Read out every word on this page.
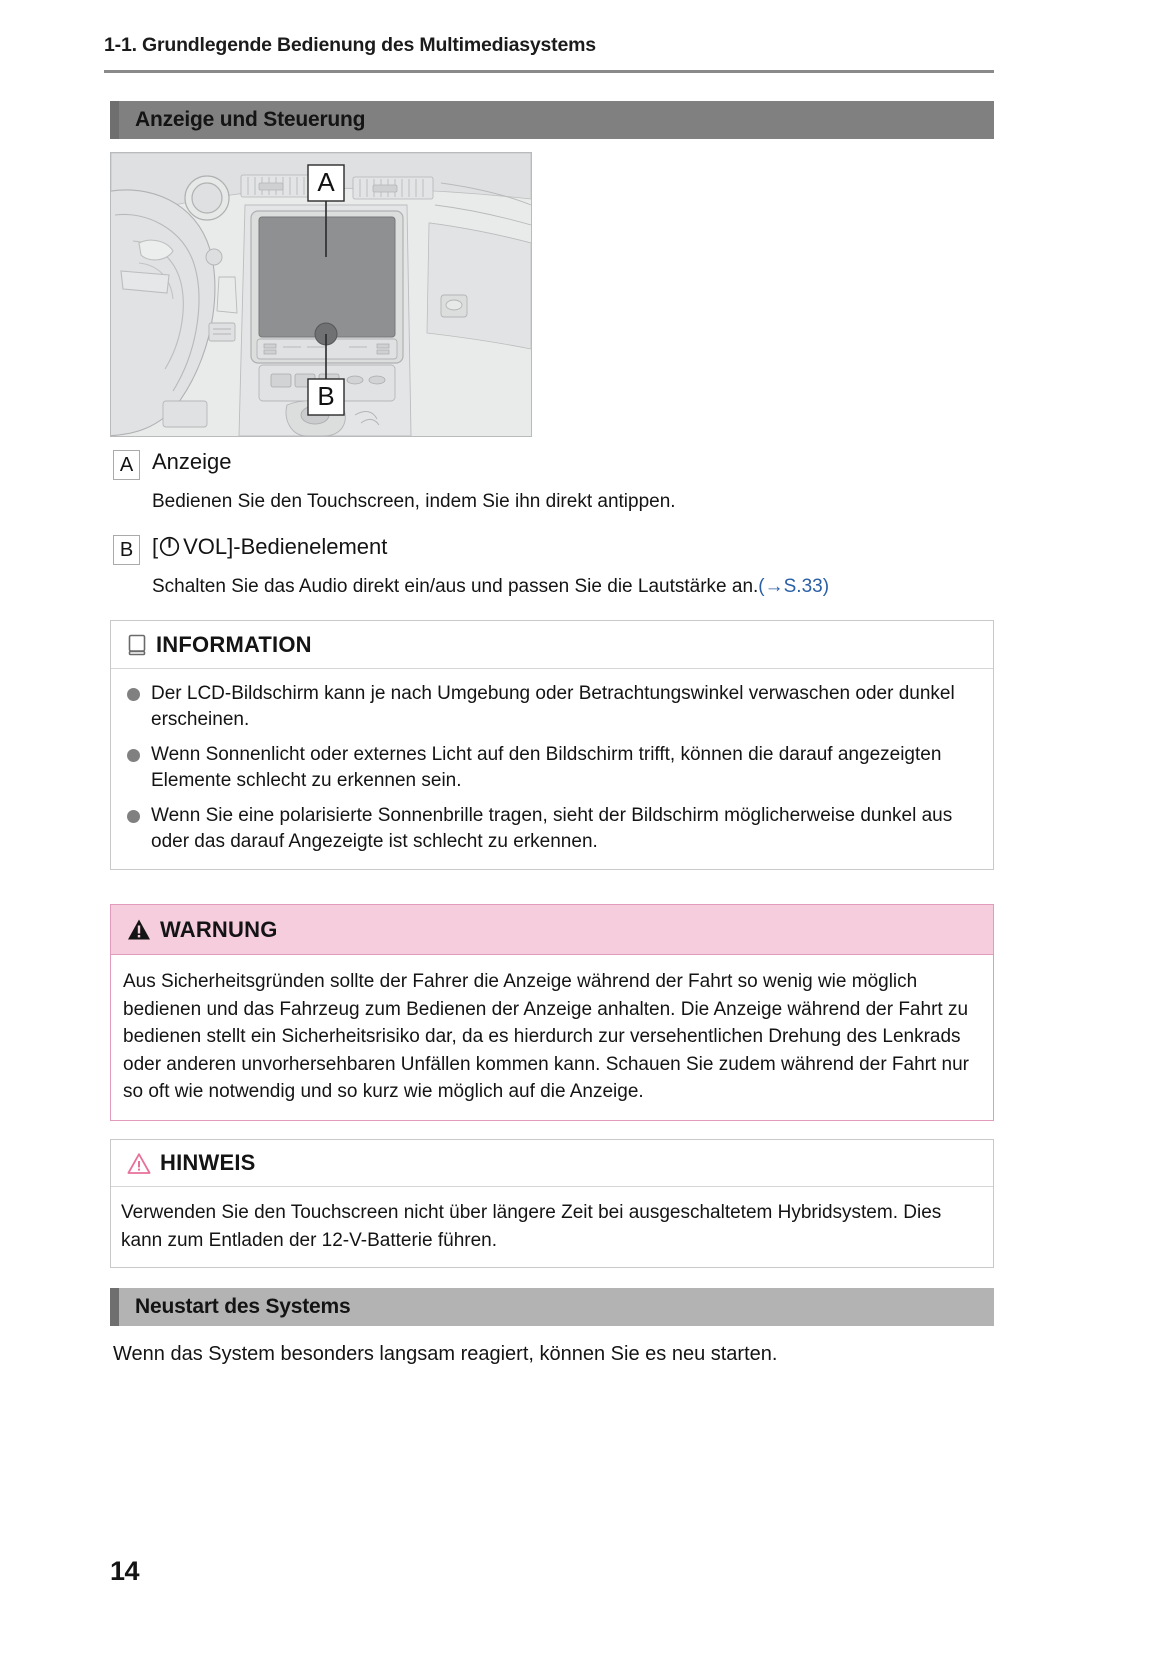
1-1. Grundlegende Bedienung des Multimediasystems
Anzeige und Steuerung
A
B
A Anzeige
Bedienen Sie den Touchscreen, indem Sie ihn direkt antippen.
B [ VOL]-Bedienelement
Schalten Sie das Audio direkt ein/aus und passen Sie die Lautstärke an.(→S.33)
INFORMATION
Der LCD-Bildschirm kann je nach Umgebung oder Betrachtungswinkel verwaschen oder dunkel erscheinen.
Wenn Sonnenlicht oder externes Licht auf den Bildschirm trifft, können die darauf angezeigten Elemente schlecht zu erkennen sein.
Wenn Sie eine polarisierte Sonnenbrille tragen, sieht der Bildschirm möglicherweise dunkel aus oder das darauf Angezeigte ist schlecht zu erkennen.
WARNUNG
Aus Sicherheitsgründen sollte der Fahrer die Anzeige während der Fahrt so wenig wie möglich bedienen und das Fahrzeug zum Bedienen der Anzeige anhalten. Die Anzeige während der Fahrt zu bedienen stellt ein Sicherheitsrisiko dar, da es hierdurch zur versehentlichen Drehung des Lenkrads oder anderen unvorhersehbaren Unfällen kommen kann. Schauen Sie zudem während der Fahrt nur so oft wie notwendig und so kurz wie möglich auf die Anzeige.
HINWEIS
Verwenden Sie den Touchscreen nicht über längere Zeit bei ausgeschaltetem Hybridsystem. Dies kann zum Entladen der 12-V-Batterie führen.
Neustart des Systems
Wenn das System besonders langsam reagiert, können Sie es neu starten.
14
